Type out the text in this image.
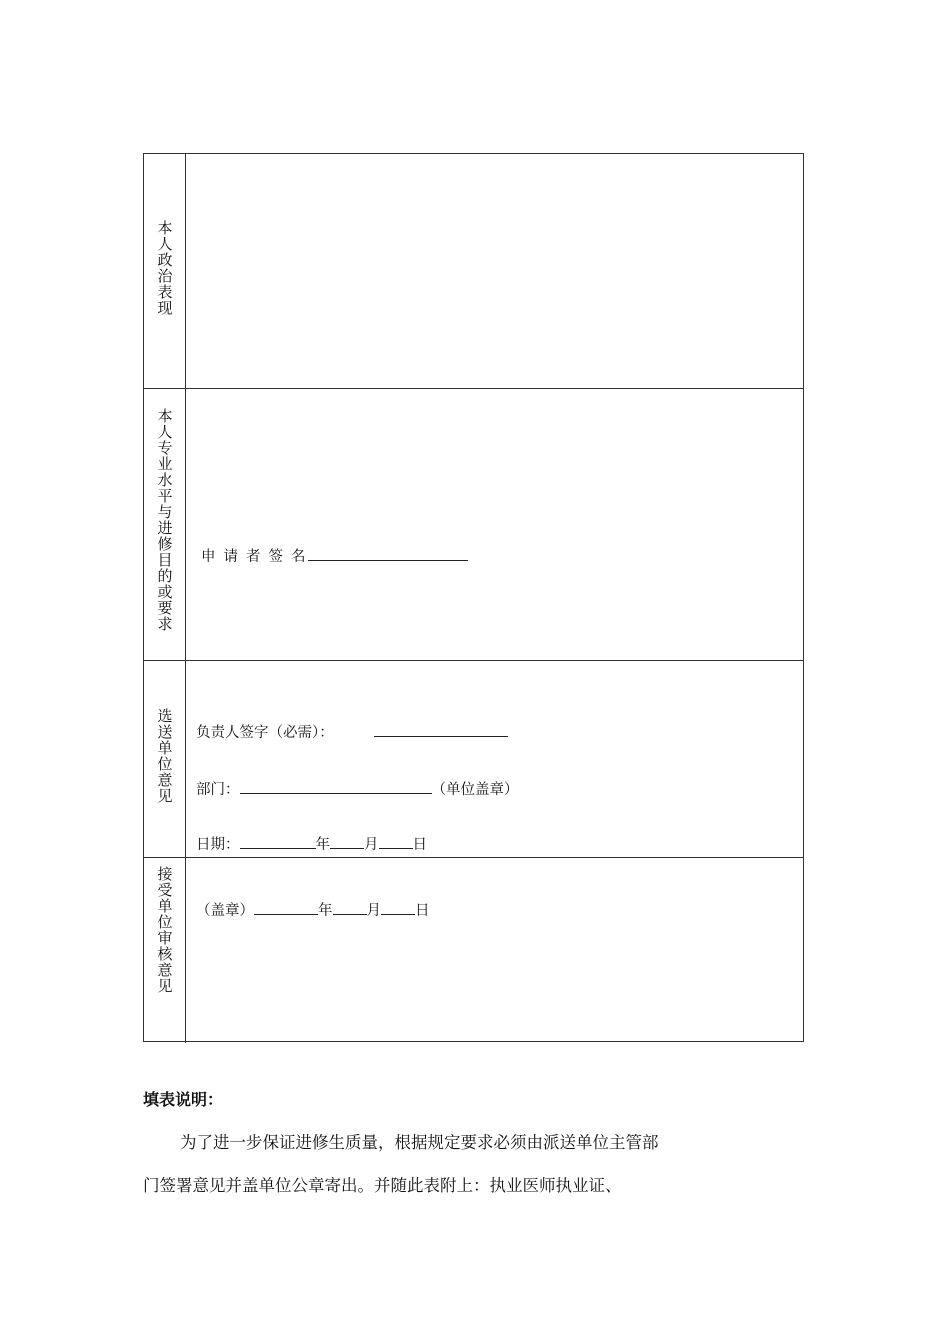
本人政治表现
本人专业水平与进修目的或要求 申请者签名
选送单位意见 负责人签字（必需）：
部门：	（单位盖章）
日期：	年 月 日
接受单位审核意见 （盖章）	年 月 日
填表说明：
为了进一步保证进修生质量，根据规定要求必须由派送单位主管部
门签署意见并盖单位公章寄出。并随此表附上：执业医师执业证、
